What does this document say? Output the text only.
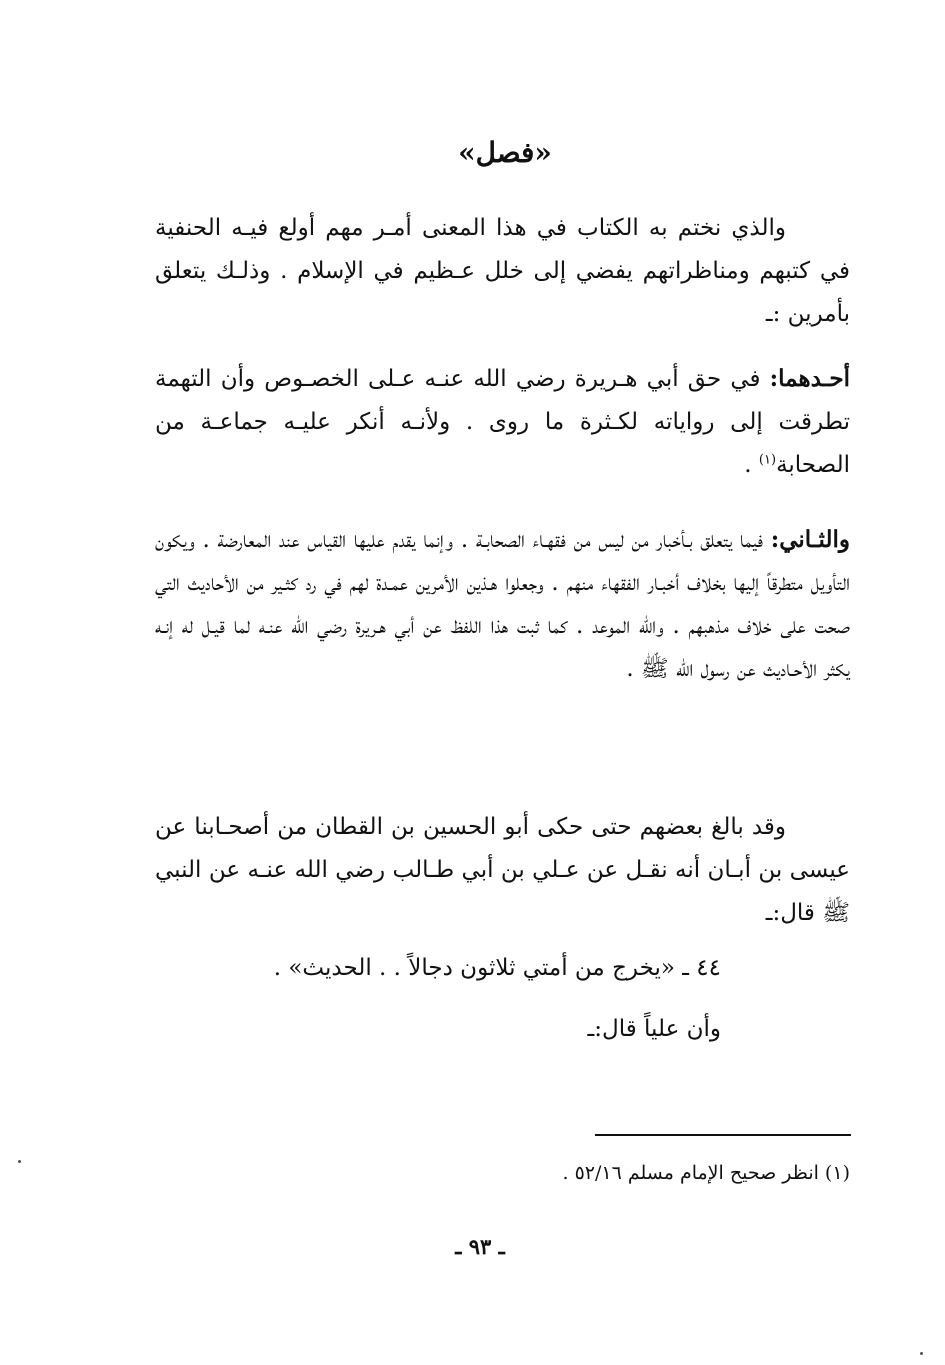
«فصل»

والذي نختم به الكتاب في هذا المعنى أمـر مهم أولع فيـه الحنفية في كتبهم ومناظراتهم يفضي إلى خلل عـظيم في الإسلام . وذلـك يتعلق بأمرين :ـ

أحـدهما: في حق أبي هـريرة رضي الله عنـه عـلى الخصـوص وأن التهمة تطرقت إلى رواياته لكـثرة ما روى . ولأنـه أنكر عليـه جماعـة من الصحابة$^{(١)}$ .

والثـاني: فيما يتعلق بـأخبار من ليس من فقهـاء الصحابـة . وإنما يقدم عليها القياس عند المعارضة . ويكون التأويل متطرقاً إليها بخلاف أخبـار الفقهاء منهم . وجعلوا هـذين الأمرين عمـدة لهم في رد كثـير من الأحاديث التي صحت على خلاف مذهبهم . والله الموعد . كما ثبت هذا اللفظ عن أبي هـريرة رضي الله عنـه لما قيـل له إنـه يكثر الأحـاديث عن رسول الله ﷺ .

وقد بالغ بعضهم حتى حكى أبو الحسين بن القطان من أصحـابنا عن عيسى بن أبـان أنه نقـل عن عـلي بن أبي طـالب رضي الله عنـه عن النبي ﷺ قال:ـ

٤٤ ـ «يخرج من أمتي ثلاثون دجالاً . . الحديث» .

وأن علياً قال:ـ

(١) انظر صحيح الإمام مسلم ٥٢/١٦ .

ـ ٩٣ ـ
